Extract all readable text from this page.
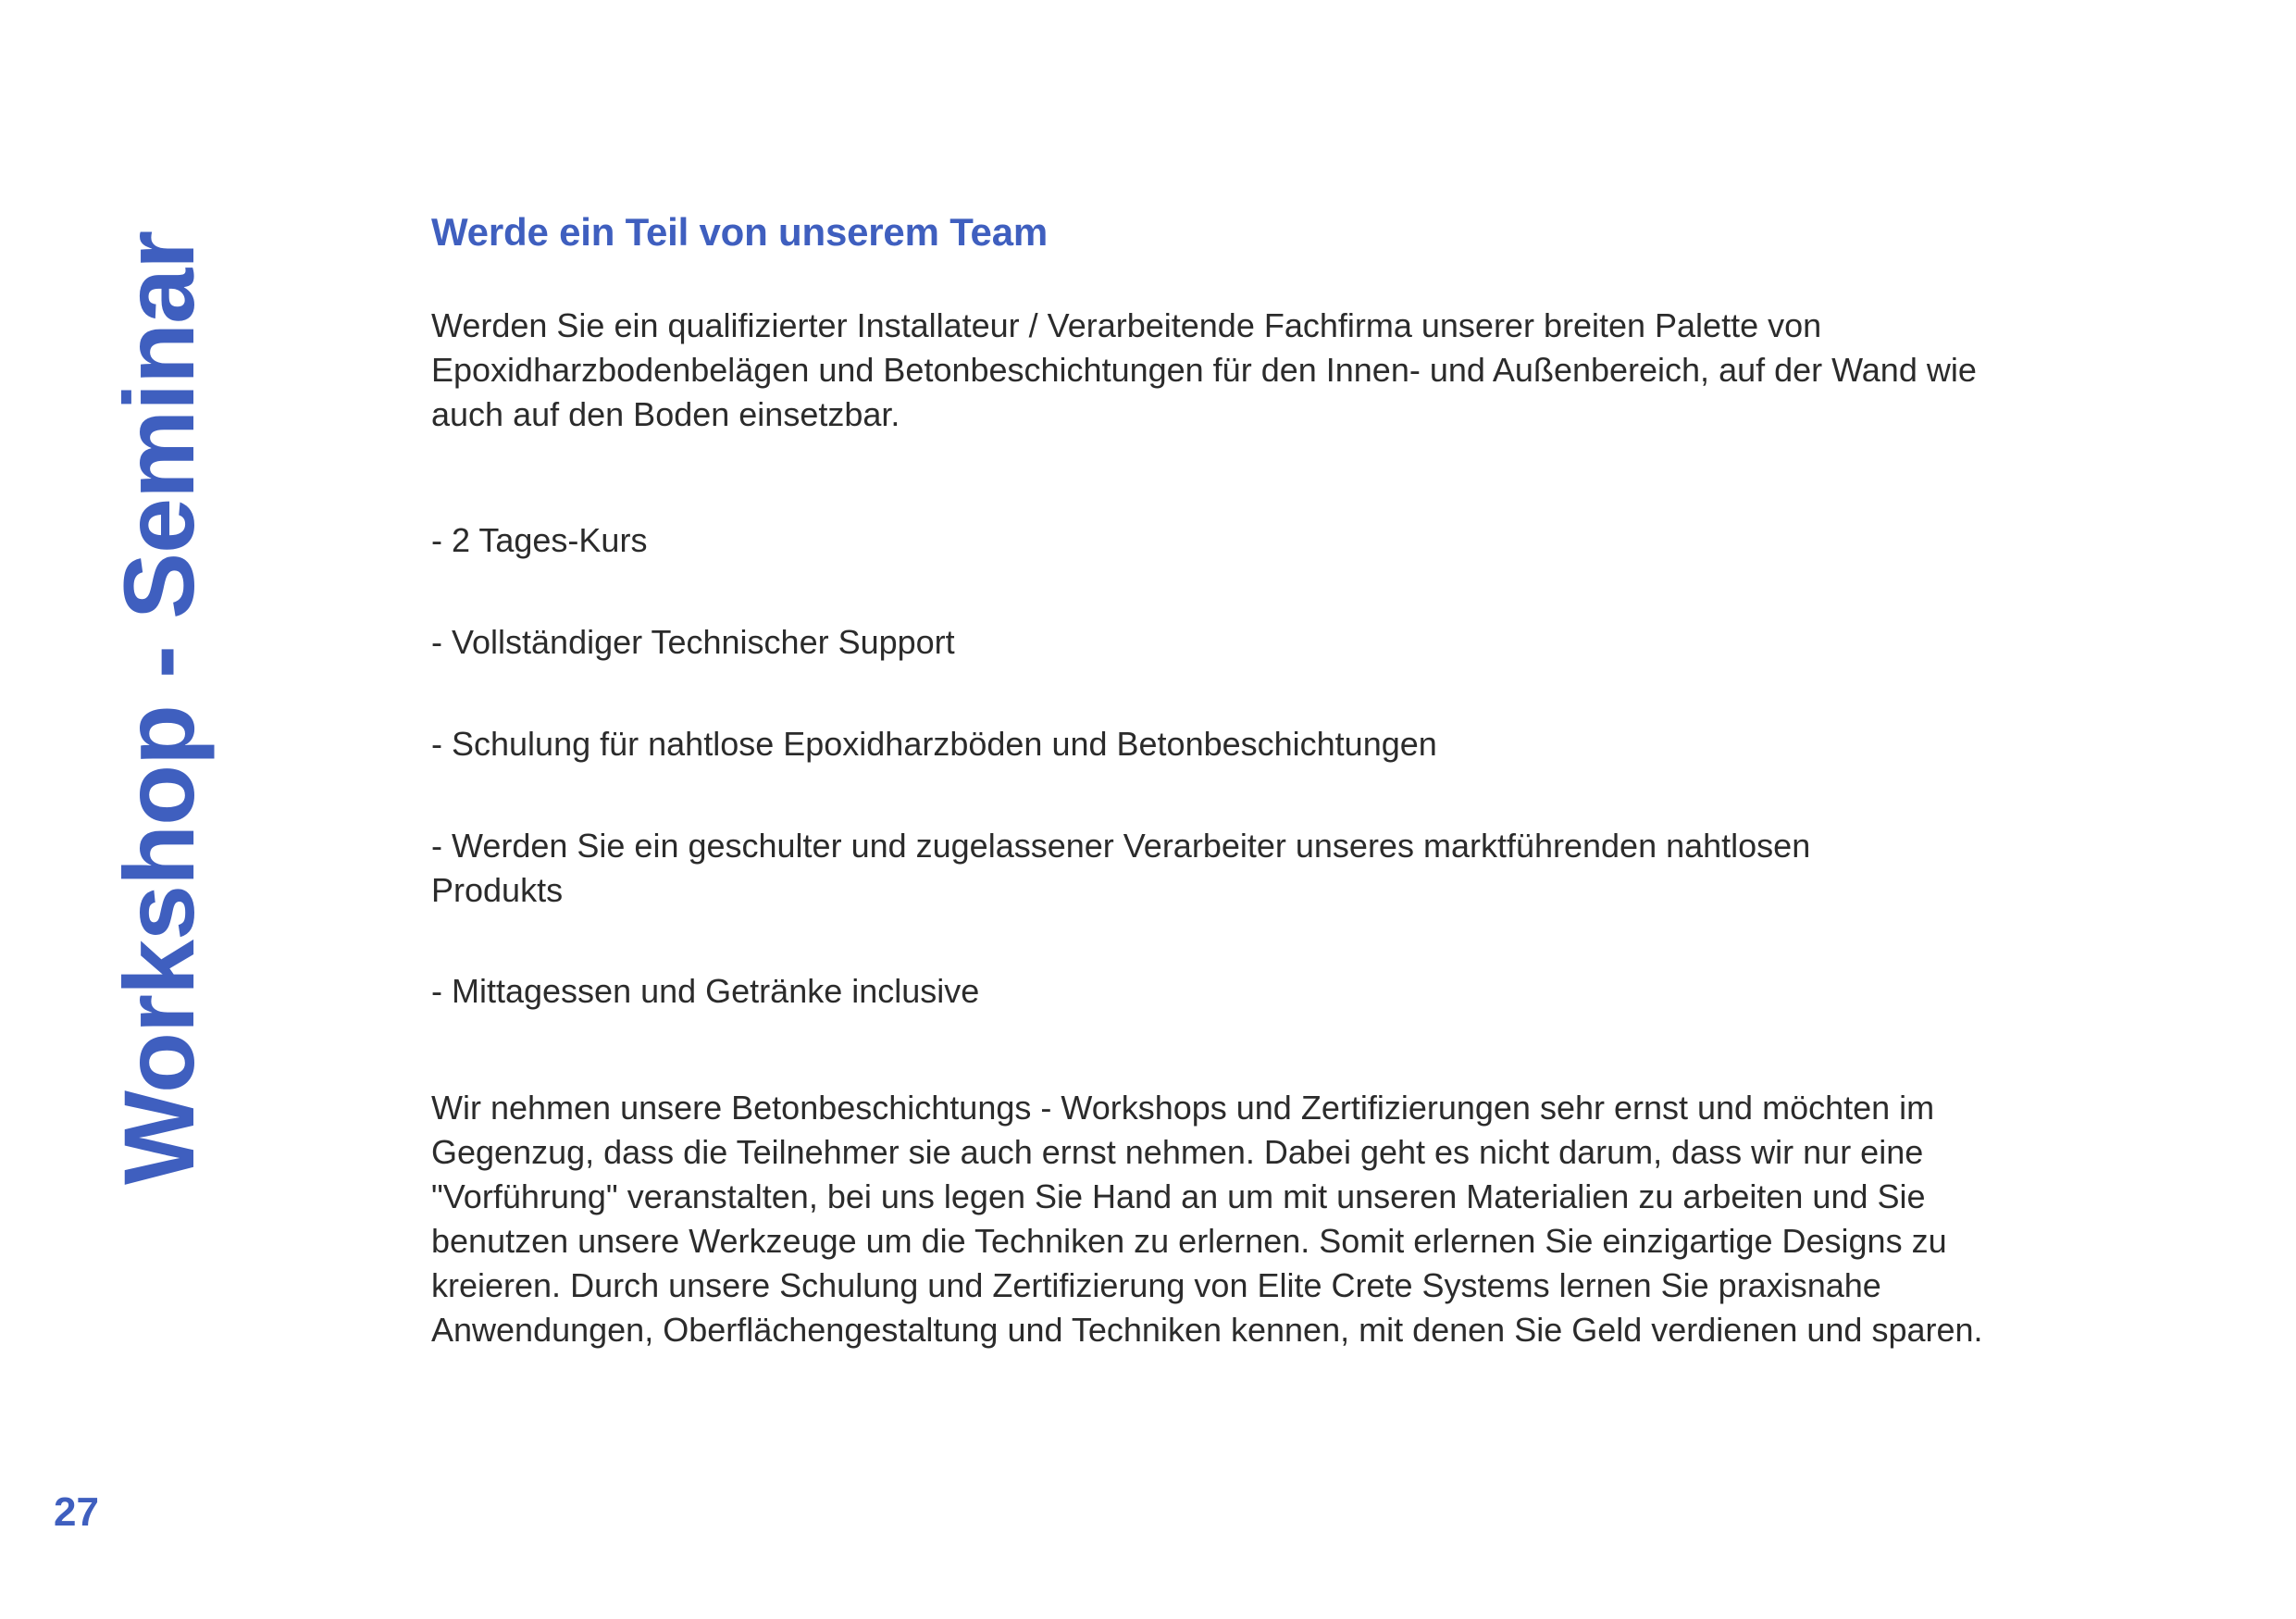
Workshop - Seminar
27
Werde ein Teil von unserem Team

Werden Sie ein qualifizierter Installateur / Verarbeitende Fachfirma unserer breiten Palette von Epoxidharzbodenbelägen und Betonbeschichtungen für den Innen- und Außenbereich, auf der Wand wie auch auf den Boden einsetzbar.

- 2 Tages-Kurs
- Vollständiger Technischer Support
- Schulung für nahtlose Epoxidharzböden und Betonbeschichtungen
- Werden Sie ein geschulter und zugelassener Verarbeiter unseres marktführenden nahtlosen Produkts
- Mittagessen und Getränke inclusive

Wir nehmen unsere Betonbeschichtungs - Workshops und Zertifizierungen sehr ernst und möchten im Gegenzug, dass die Teilnehmer sie auch ernst nehmen. Dabei geht es nicht darum, dass wir nur eine "Vorführung" veranstalten, bei uns legen Sie Hand an um mit unseren Materialien zu arbeiten und Sie benutzen unsere Werkzeuge um die Techniken zu erlernen. Somit erlernen Sie einzigartige Designs zu kreieren. Durch unsere Schulung und Zertifizierung von Elite Crete Systems lernen Sie praxisnahe Anwendungen, Oberflächengestaltung und Techniken kennen, mit denen Sie Geld verdienen und sparen.
